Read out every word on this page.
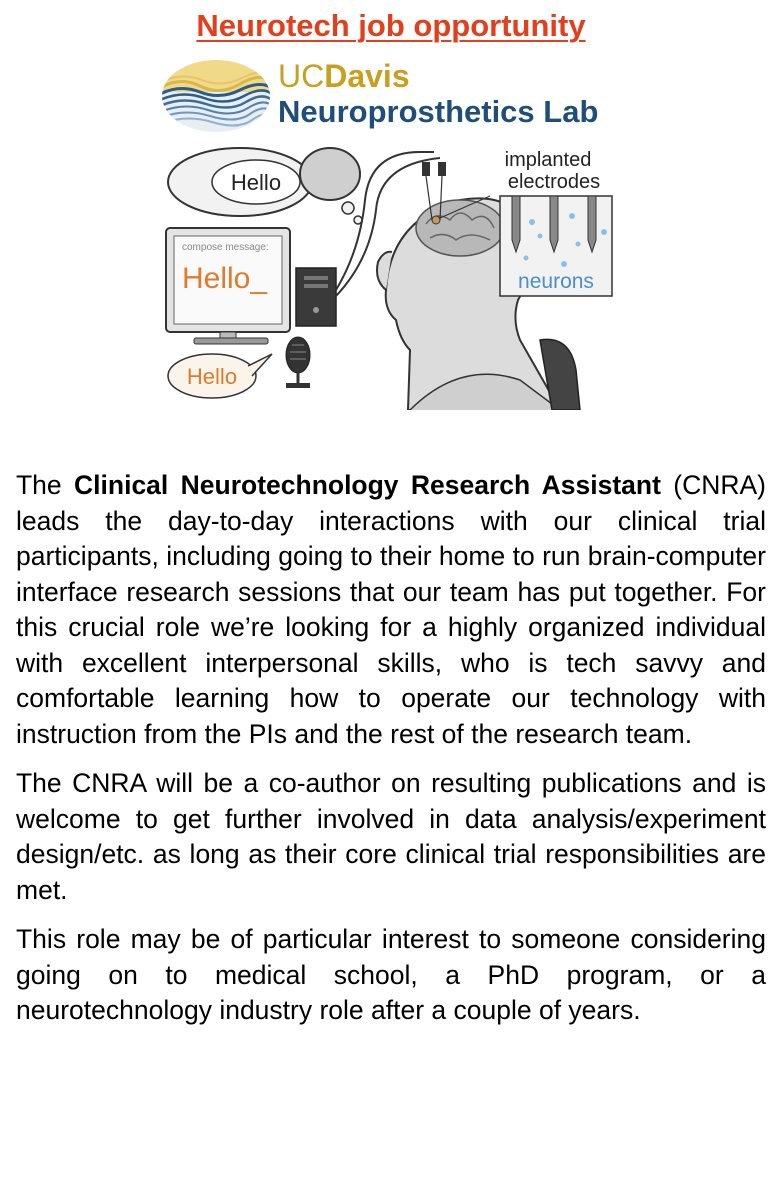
Neurotech job opportunity
UCDavis
Neuroprosthetics Lab
Hello
compose message:
Hello_
Hello
implanted
electrodes
neurons

The Clinical Neurotechnology Research Assistant (CNRA) leads the day-to-day interactions with our clinical trial participants, including going to their home to run brain-computer interface research sessions that our team has put together. For this crucial role we’re looking for a highly organized individual with excellent interpersonal skills, who is tech savvy and comfortable learning how to operate our technology with instruction from the PIs and the rest of the research team.

The CNRA will be a co-author on resulting publications and is welcome to get further involved in data analysis/experiment design/etc. as long as their core clinical trial responsibilities are met.

This role may be of particular interest to someone considering going on to medical school, a PhD program, or a neurotechnology industry role after a couple of years.
